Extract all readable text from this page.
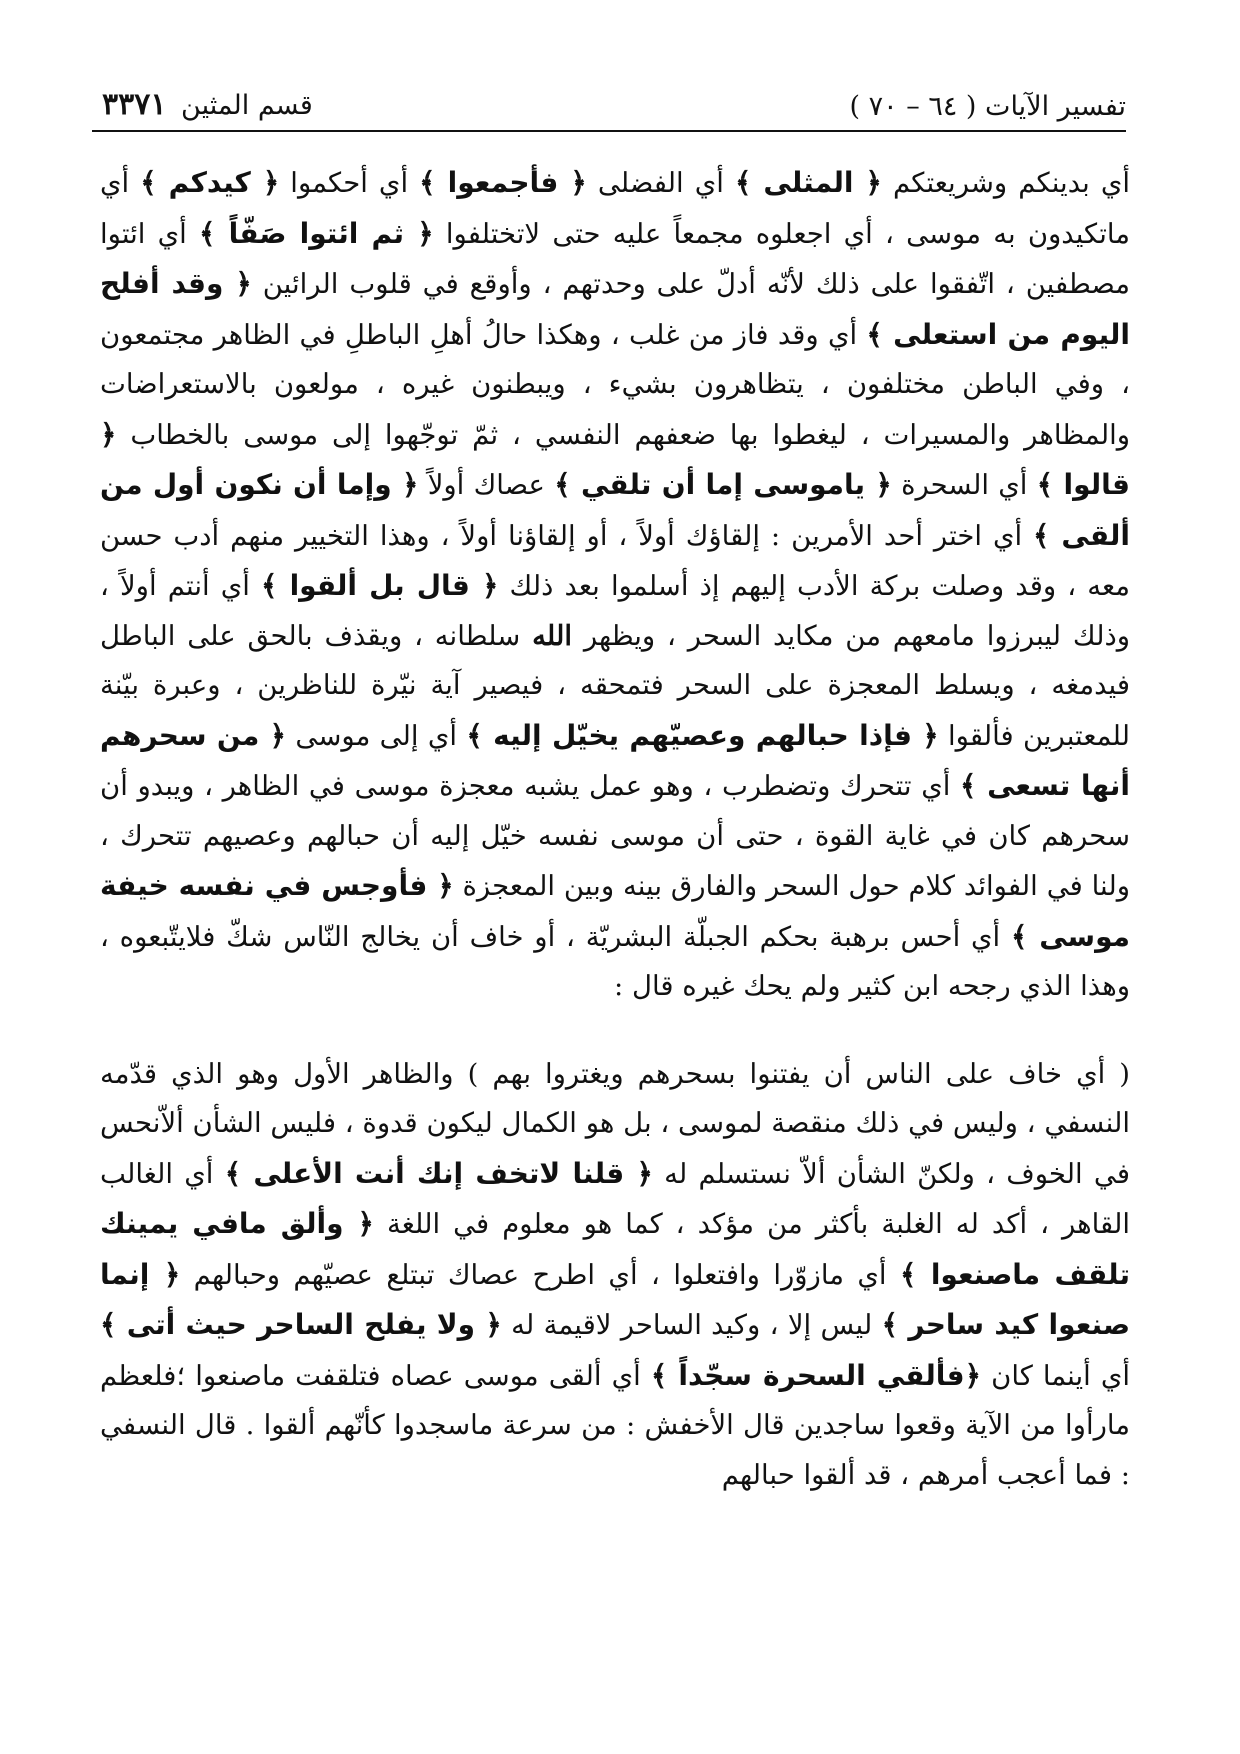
تفسير الآيات ( ٦٤ – ٧٠ )
قسم المثين ٣٣٧١

أي بدينكم وشريعتكم ﴿ المثلى ﴾ أي الفضلى ﴿ فأجمعوا ﴾ أي أحكموا ﴿ كيدكم ﴾ أي ماتكيدون به موسى ، أي اجعلوه مجمعاً عليه حتى لاتختلفوا ﴿ ثم ائتوا صَفّاً ﴾ أي ائتوا مصطفين ، اتّفقوا على ذلك لأنّه أدلّ على وحدتهم ، وأوقع في قلوب الرائين ﴿ وقد أفلح اليوم من استعلى ﴾ أي وقد فاز من غلب ، وهكذا حالُ أهلِ الباطلِ في الظاهر مجتمعون ، وفي الباطن مختلفون ، يتظاهرون بشيء ، ويبطنون غيره ، مولعون بالاستعراضات والمظاهر والمسيرات ، ليغطوا بها ضعفهم النفسي ، ثمّ توجّهوا إلى موسى بالخطاب ﴿ قالوا ﴾ أي السحرة ﴿ ياموسى إما أن تلقي ﴾ عصاك أولاً ﴿ وإما أن نكون أول من ألقى ﴾ أي اختر أحد الأمرين : إلقاؤك أولاً ، أو إلقاؤنا أولاً ، وهذا التخيير منهم أدب حسن معه ، وقد وصلت بركة الأدب إليهم إذ أسلموا بعد ذلك ﴿ قال بل ألقوا ﴾ أي أنتم أولاً ، وذلك ليبرزوا مامعهم من مكايد السحر ، ويظهر الله سلطانه ، ويقذف بالحق على الباطل فيدمغه ، ويسلط المعجزة على السحر فتمحقه ، فيصير آية نيّرة للناظرين ، وعبرة بيّنة للمعتبرين فألقوا ﴿ فإذا حبالهم وعصيّهم يخيّل إليه ﴾ أي إلى موسى ﴿ من سحرهم أنها تسعى ﴾ أي تتحرك وتضطرب ، وهو عمل يشبه معجزة موسى في الظاهر ، ويبدو أن سحرهم كان في غاية القوة ، حتى أن موسى نفسه خيّل إليه أن حبالهم وعصيهم تتحرك ، ولنا في الفوائد كلام حول السحر والفارق بينه وبين المعجزة ﴿ فأوجس في نفسه خيفة موسى ﴾ أي أحس برهبة بحكم الجبلّة البشريّة ، أو خاف أن يخالج النّاس شكّ فلايتّبعوه ، وهذا الذي رجحه ابن كثير ولم يحك غيره قال :

( أي خاف على الناس أن يفتنوا بسحرهم ويغتروا بهم ) والظاهر الأول وهو الذي قدّمه النسفي ، وليس في ذلك منقصة لموسى ، بل هو الكمال ليكون قدوة ، فليس الشأن ألاّنحس في الخوف ، ولكنّ الشأن ألاّ نستسلم له ﴿ قلنا لاتخف إنك أنت الأعلى ﴾ أي الغالب القاهر ، أكد له الغلبة بأكثر من مؤكد ، كما هو معلوم في اللغة ﴿ وألق مافي يمينك تلقف ماصنعوا ﴾ أي مازوّرا وافتعلوا ، أي اطرح عصاك تبتلع عصيّهم وحبالهم ﴿ إنما صنعوا كيد ساحر ﴾ ليس إلا ، وكيد الساحر لاقيمة له ﴿ ولا يفلح الساحر حيث أتى ﴾ أي أينما كان ﴿فألقي السحرة سجّداً ﴾ أي ألقى موسى عصاه فتلقفت ماصنعوا ؛فلعظم مارأوا من الآية وقعوا ساجدين قال الأخفش : من سرعة ماسجدوا كأنّهم ألقوا . قال النسفي : فما أعجب أمرهم ، قد ألقوا حبالهم
